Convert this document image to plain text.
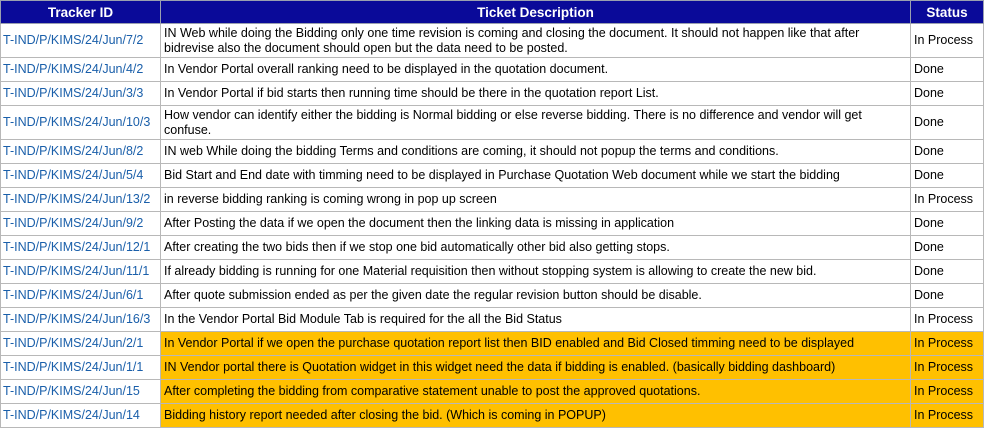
Tracker ID	Ticket Description	Status
T-IND/P/KIMS/24/Jun/7/2	IN Web while doing the Bidding only one time revision is coming and closing the document. It should not happen like that after bidrevise also the document should open but the data need to be posted.	In Process
T-IND/P/KIMS/24/Jun/4/2	In Vendor Portal overall ranking need to be displayed in the quotation document.	Done
T-IND/P/KIMS/24/Jun/3/3	In Vendor Portal if bid starts then running time should be there in the quotation report List.	Done
T-IND/P/KIMS/24/Jun/10/3	How vendor can identify either the bidding is Normal bidding or else reverse bidding. There is no difference and vendor will get confuse.	Done
T-IND/P/KIMS/24/Jun/8/2	IN web While doing the bidding Terms and conditions are coming, it should not popup the terms and conditions.	Done
T-IND/P/KIMS/24/Jun/5/4	Bid Start and End date with timming need to be displayed in Purchase Quotation Web document while we start the bidding	Done
T-IND/P/KIMS/24/Jun/13/2	in reverse bidding ranking is coming wrong in pop up screen	In Process
T-IND/P/KIMS/24/Jun/9/2	After Posting the data if we open the document then the linking data is missing in application	Done
T-IND/P/KIMS/24/Jun/12/1	After creating the two bids then if we stop one bid automatically other bid also getting stops.	Done
T-IND/P/KIMS/24/Jun/11/1	If already bidding is running for one Material requisition then without stopping system is allowing to create the new bid.	Done
T-IND/P/KIMS/24/Jun/6/1	After quote submission ended as per the given date the regular revision button should be disable.	Done
T-IND/P/KIMS/24/Jun/16/3	In the Vendor Portal Bid Module Tab is required for the all the Bid Status	In Process
T-IND/P/KIMS/24/Jun/2/1	In Vendor Portal if we open the purchase quotation report list then BID enabled and Bid Closed timming need to be displayed	In Process
T-IND/P/KIMS/24/Jun/1/1	IN Vendor portal there is Quotation widget in this widget need the data if bidding is enabled. (basically bidding dashboard)	In Process
T-IND/P/KIMS/24/Jun/15	After completing the bidding from comparative statement unable to post the approved quotations.	In Process
T-IND/P/KIMS/24/Jun/14	Bidding history report needed after closing the bid. (Which is coming in POPUP)	In Process
